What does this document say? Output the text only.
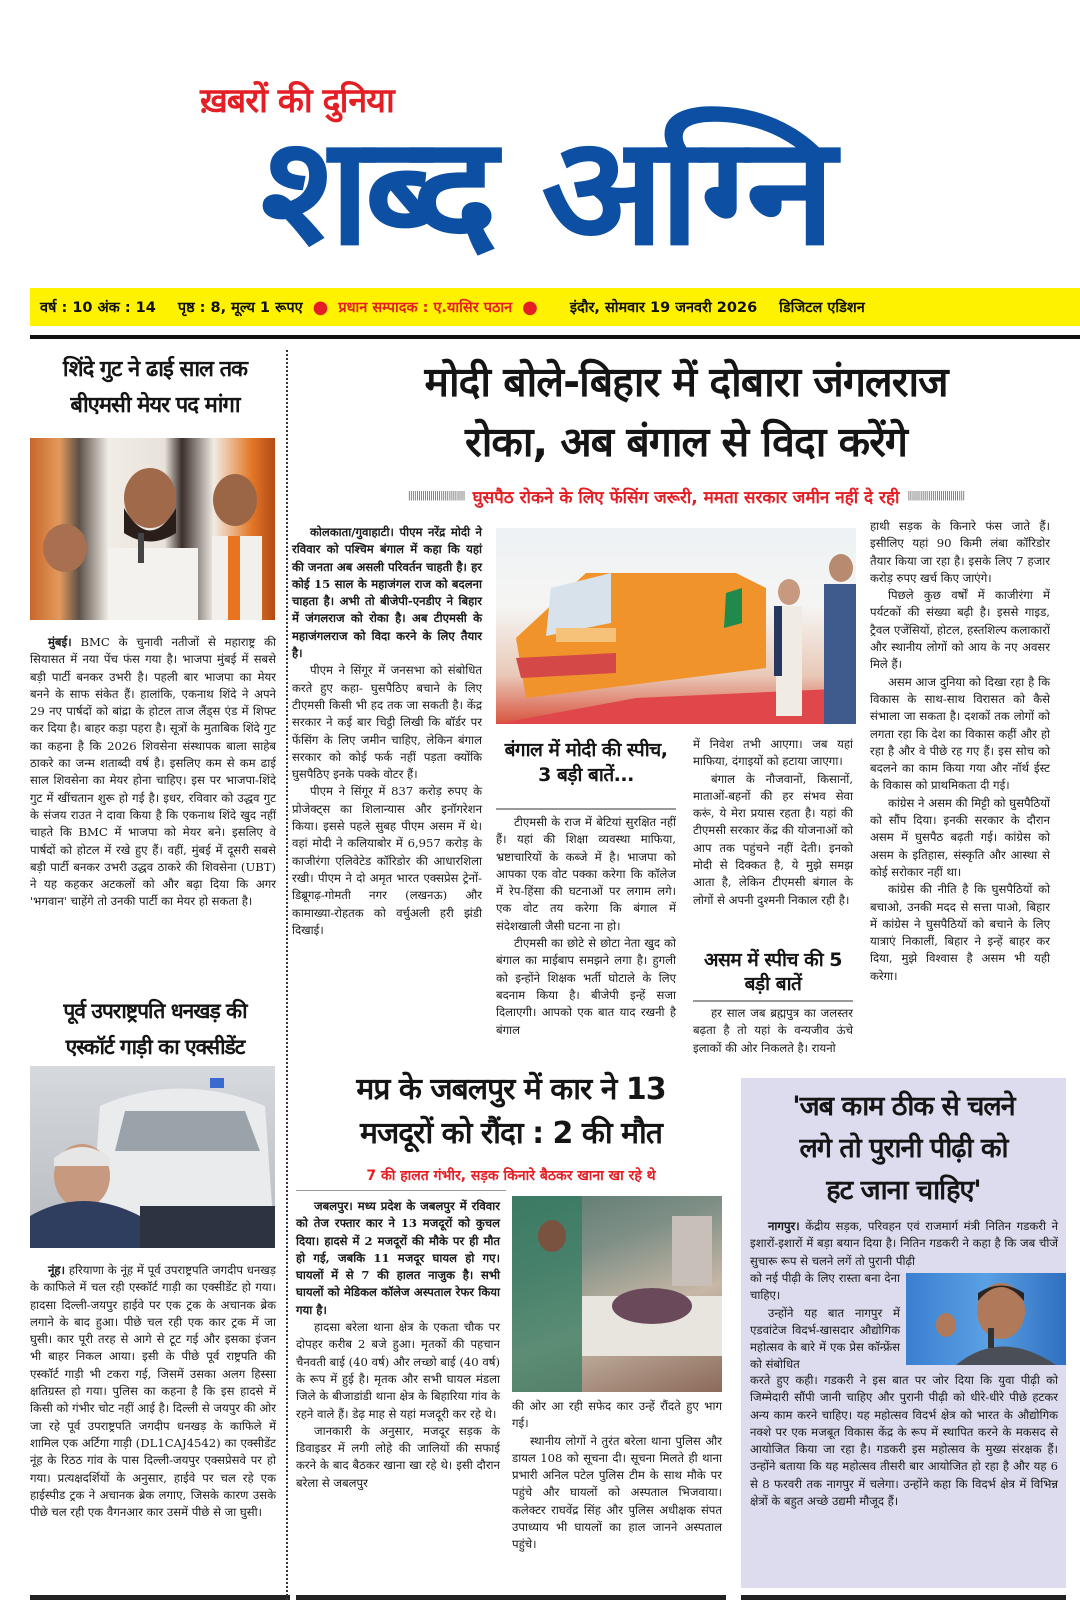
ख़बरों की दुनिया
शब्द अग्नि
वर्ष : 10 अंक : 14 पृष्ठ : 8, मूल्य 1 रूपए ● प्रधान सम्पादक : ए.यासिर पठान ● इंदौर, सोमवार 19 जनवरी 2026 डिजिटल एडिशन
शिंदे गुट ने ढाई साल तक
बीएमसी मेयर पद मांगा

मुंबई। BMC के चुनावी नतीजों से महाराष्ट्र की सियासत में नया पेंच फंस गया है। भाजपा मुंबई में सबसे बड़ी पार्टी बनकर उभरी है। पहली बार भाजपा का मेयर बनने के साफ संकेत हैं। हालांकि, एकनाथ शिंदे ने अपने 29 नए पार्षदों को बांद्रा के होटल ताज लैंड्स एंड में शिफ्ट कर दिया है। बाहर कड़ा पहरा है। सूत्रों के मुताबिक शिंदे गुट का कहना है कि 2026 शिवसेना संस्थापक बाला साहेब ठाकरे का जन्म शताब्दी वर्ष है। इसलिए कम से कम ढाई साल शिवसेना का मेयर होना चाहिए। इस पर भाजपा-शिंदे गुट में खींचतान शुरू हो गई है। इधर, रविवार को उद्धव गुट के संजय राउत ने दावा किया है कि एकनाथ शिंदे खुद नहीं चाहते कि BMC में भाजपा को मेयर बने। इसलिए वे पार्षदों को होटल में रखे हुए हैं। वहीं, मुंबई में दूसरी सबसे बड़ी पार्टी बनकर उभरी उद्धव ठाकरे की शिवसेना (UBT) ने यह कहकर अटकलों को और बढ़ा दिया कि अगर 'भगवान' चाहेंगे तो उनकी पार्टी का मेयर हो सकता है।

पूर्व उपराष्ट्रपति धनखड़ की
एस्कॉर्ट गाड़ी का एक्सीडेंट

नूंह। हरियाणा के नूंह में पूर्व उपराष्ट्रपति जगदीप धनखड़ के काफिले में चल रही एस्कॉर्ट गाड़ी का एक्सीडेंट हो गया। हादसा दिल्ली-जयपुर हाईवे पर एक ट्रक के अचानक ब्रेक लगाने के बाद हुआ। पीछे चल रही एक कार ट्रक में जा घुसी। कार पूरी तरह से आगे से टूट गई और इसका इंजन भी बाहर निकल आया। इसी के पीछे पूर्व राष्ट्रपति की एस्कॉर्ट गाड़ी भी टकरा गई, जिसमें उसका अलग हिस्सा क्षतिग्रस्त हो गया। पुलिस का कहना है कि इस हादसे में किसी को गंभीर चोट नहीं आई है। दिल्ली से जयपुर की ओर जा रहे पूर्व उपराष्ट्रपति जगदीप धनखड़ के काफिले में शामिल एक अर्टिगा गाड़ी (DL1CAJ4542) का एक्सीडेंट नूंह के रिठठ गांव के पास दिल्ली-जयपुर एक्सप्रेसवे पर हो गया। प्रत्यक्षदर्शियों के अनुसार, हाईवे पर चल रहे एक हाईस्पीड ट्रक ने अचानक ब्रेक लगाए, जिसके कारण उसके पीछे चल रही एक वैगनआर कार उसमें पीछे से जा घुसी।

मोदी बोले-बिहार में दोबारा जंगलराज
रोका, अब बंगाल से विदा करेंगे
|||||||||||||||||||||||||||| घुसपैठ रोकने के लिए फेंसिंग जरूरी, ममता सरकार जमीन नहीं दे रही ||||||||||||||||||||||||||||

कोलकाता/गुवाहाटी। पीएम नरेंद्र मोदी ने रविवार को पश्चिम बंगाल में कहा कि यहां की जनता अब असली परिवर्तन चाहती है। हर कोई 15 साल के महाजंगल राज को बदलना चाहता है। अभी तो बीजेपी-एनडीए ने बिहार में जंगलराज को रोका है। अब टीएमसी के महाजंगलराज को विदा करने के लिए तैयार है।

पीएम ने सिंगूर में जनसभा को संबोधित करते हुए कहा- घुसपैठिए बचाने के लिए टीएमसी किसी भी हद तक जा सकती है। केंद्र सरकार ने कई बार चिट्ठी लिखी कि बॉर्डर पर फेंसिंग के लिए जमीन चाहिए, लेकिन बंगाल सरकार को कोई फर्क नहीं पड़ता क्योंकि घुसपैठिए इनके पक्के वोटर हैं।

पीएम ने सिंगूर में 837 करोड़ रुपए के प्रोजेक्ट्स का शिलान्यास और इनॉगरेशन किया। इससे पहले सुबह पीएम असम में थे। वहां मोदी ने कलियाबोर में 6,957 करोड़ के काजीरंगा एलिवेटेड कॉरिडोर की आधारशिला रखी। पीएम ने दो अमृत भारत एक्सप्रेस ट्रेनों- डिब्रूगढ़-गोमती नगर (लखनऊ) और कामाख्या-रोहतक को वर्चुअली हरी झंडी दिखाई।

बंगाल में मोदी की स्पीच, 3 बड़ी बातें...

टीएमसी के राज में बेटियां सुरक्षित नहीं हैं। यहां की शिक्षा व्यवस्था माफिया, भ्रष्टाचारियों के कब्जे में है। भाजपा को आपका एक वोट पक्का करेगा कि कॉलेज में रेप-हिंसा की घटनाओं पर लगाम लगे। एक वोट तय करेगा कि बंगाल में संदेशखाली जैसी घटना ना हो।

टीएमसी का छोटे से छोटा नेता खुद को बंगाल का माईबाप समझने लगा है। हुगली को इन्होंने शिक्षक भर्ती घोटाले के लिए बदनाम किया है। बीजेपी इन्हें सजा दिलाएगी। आपको एक बात याद रखनी है बंगाल

में निवेश तभी आएगा। जब यहां माफिया, दंगाइयों को हटाया जाएगा।

बंगाल के नौजवानों, किसानों, माताओं-बहनों की हर संभव सेवा करूं, ये मेरा प्रयास रहता है। यहां की टीएमसी सरकार केंद्र की योजनाओं को आप तक पहुंचने नहीं देती। इनको मोदी से दिक्कत है, ये मुझे समझ आता है, लेकिन टीएमसी बंगाल के लोगों से अपनी दुश्मनी निकाल रही है।

असम में स्पीच की 5 बड़ी बातें

हर साल जब ब्रह्मपुत्र का जलस्तर बढ़ता है तो यहां के वन्यजीव ऊंचे इलाकों की ओर निकलते है। रायनो

हाथी सड़क के किनारे फंस जाते हैं। इसीलिए यहां 90 किमी लंबा कॉरिडोर तैयार किया जा रहा है। इसके लिए 7 हजार करोड़ रुपए खर्च किए जाएंगे।

पिछले कुछ वर्षों में काजीरंगा में पर्यटकों की संख्या बढ़ी है। इससे गाइड, ट्रैवल एजेंसियों, होटल, हस्तशिल्प कलाकारों और स्थानीय लोगों को आय के नए अवसर मिले हैं।

असम आज दुनिया को दिखा रहा है कि विकास के साथ-साथ विरासत को कैसे संभाला जा सकता है। दशकों तक लोगों को लगता रहा कि देश का विकास कहीं और हो रहा है और वे पीछे रह गए हैं। इस सोच को बदलने का काम किया गया और नॉर्थ ईस्ट के विकास को प्राथमिकता दी गई।

कांग्रेस ने असम की मिट्टी को घुसपैठियों को सौंप दिया। इनकी सरकार के दौरान असम में घुसपैठ बढ़ती गई। कांग्रेस को असम के इतिहास, संस्कृति और आस्था से कोई सरोकार नहीं था।

कांग्रेस की नीति है कि घुसपैठियों को बचाओ, उनकी मदद से सत्ता पाओ, बिहार में कांग्रेस ने घुसपैठियों को बचाने के लिए यात्राएं निकालीं, बिहार ने इन्हें बाहर कर दिया, मुझे विश्वास है असम भी यही करेगा।

मप्र के जबलपुर में कार ने 13
मजदूरों को रौंदा : 2 की मौत
7 की हालत गंभीर, सड़क किनारे बैठकर खाना खा रहे थे

जबलपुर। मध्य प्रदेश के जबलपुर में रविवार को तेज रफ्तार कार ने 13 मजदूरों को कुचल दिया। हादसे में 2 मजदूरों की मौके पर ही मौत हो गई, जबकि 11 मजदूर घायल हो गए। घायलों में से 7 की हालत नाजुक है। सभी घायलों को मेडिकल कॉलेज अस्पताल रेफर किया गया है।

हादसा बरेला थाना क्षेत्र के एकता चौक पर दोपहर करीब 2 बजे हुआ। मृतकों की पहचान चैनवती बाई (40 वर्ष) और लच्छो बाई (40 वर्ष) के रूप में हुई है। मृतक और सभी घायल मंडला जिले के बीजाडांडी थाना क्षेत्र के बिहारिया गांव के रहने वाले हैं। डेढ़ माह से यहां मजदूरी कर रहे थे।

जानकारी के अनुसार, मजदूर सड़क के डिवाइडर में लगी लोहे की जालियों की सफाई करने के बाद बैठकर खाना खा रहे थे। इसी दौरान बरेला से जबलपुर

की ओर आ रही सफेद कार उन्हें रौंदते हुए भाग गई।

स्थानीय लोगों ने तुरंत बरेला थाना पुलिस और डायल 108 को सूचना दी। सूचना मिलते ही थाना प्रभारी अनिल पटेल पुलिस टीम के साथ मौके पर पहुंचे और घायलों को अस्पताल भिजवाया। कलेक्टर राघवेंद्र सिंह और पुलिस अधीक्षक संपत उपाध्याय भी घायलों का हाल जानने अस्पताल पहुंचे।

'जब काम ठीक से चलने
लगे तो पुरानी पीढ़ी को
हट जाना चाहिए'

नागपुर। केंद्रीय सड़क, परिवहन एवं राजमार्ग मंत्री नितिन गडकरी ने इशारों-इशारों में बड़ा बयान दिया है। नितिन गडकरी ने कहा है कि जब चीजें सुचारू रूप से चलने लगें तो पुरानी पीढ़ी

को नई पीढ़ी के लिए रास्ता बना देना चाहिए।

उन्होंने यह बात नागपुर में एडवांटेज विदर्भ-खासदार औद्योगिक महोत्सव के बारे में एक प्रेस कॉन्फ्रेंस को संबोधित

करते हुए कही। गडकरी ने इस बात पर जोर दिया कि युवा पीढ़ी को जिम्मेदारी सौंपी जानी चाहिए और पुरानी पीढ़ी को धीरे-धीरे पीछे हटकर अन्य काम करने चाहिए। यह महोत्सव विदर्भ क्षेत्र को भारत के औद्योगिक नक्शे पर एक मजबूत विकास केंद्र के रूप में स्थापित करने के मकसद से आयोजित किया जा रहा है। गडकरी इस महोत्सव के मुख्य संरक्षक हैं। उन्होंने बताया कि यह महोत्सव तीसरी बार आयोजित हो रहा है और यह 6 से 8 फरवरी तक नागपुर में चलेगा। उन्होंने कहा कि विदर्भ क्षेत्र में विभिन्न क्षेत्रों के बहुत अच्छे उद्यमी मौजूद हैं।
